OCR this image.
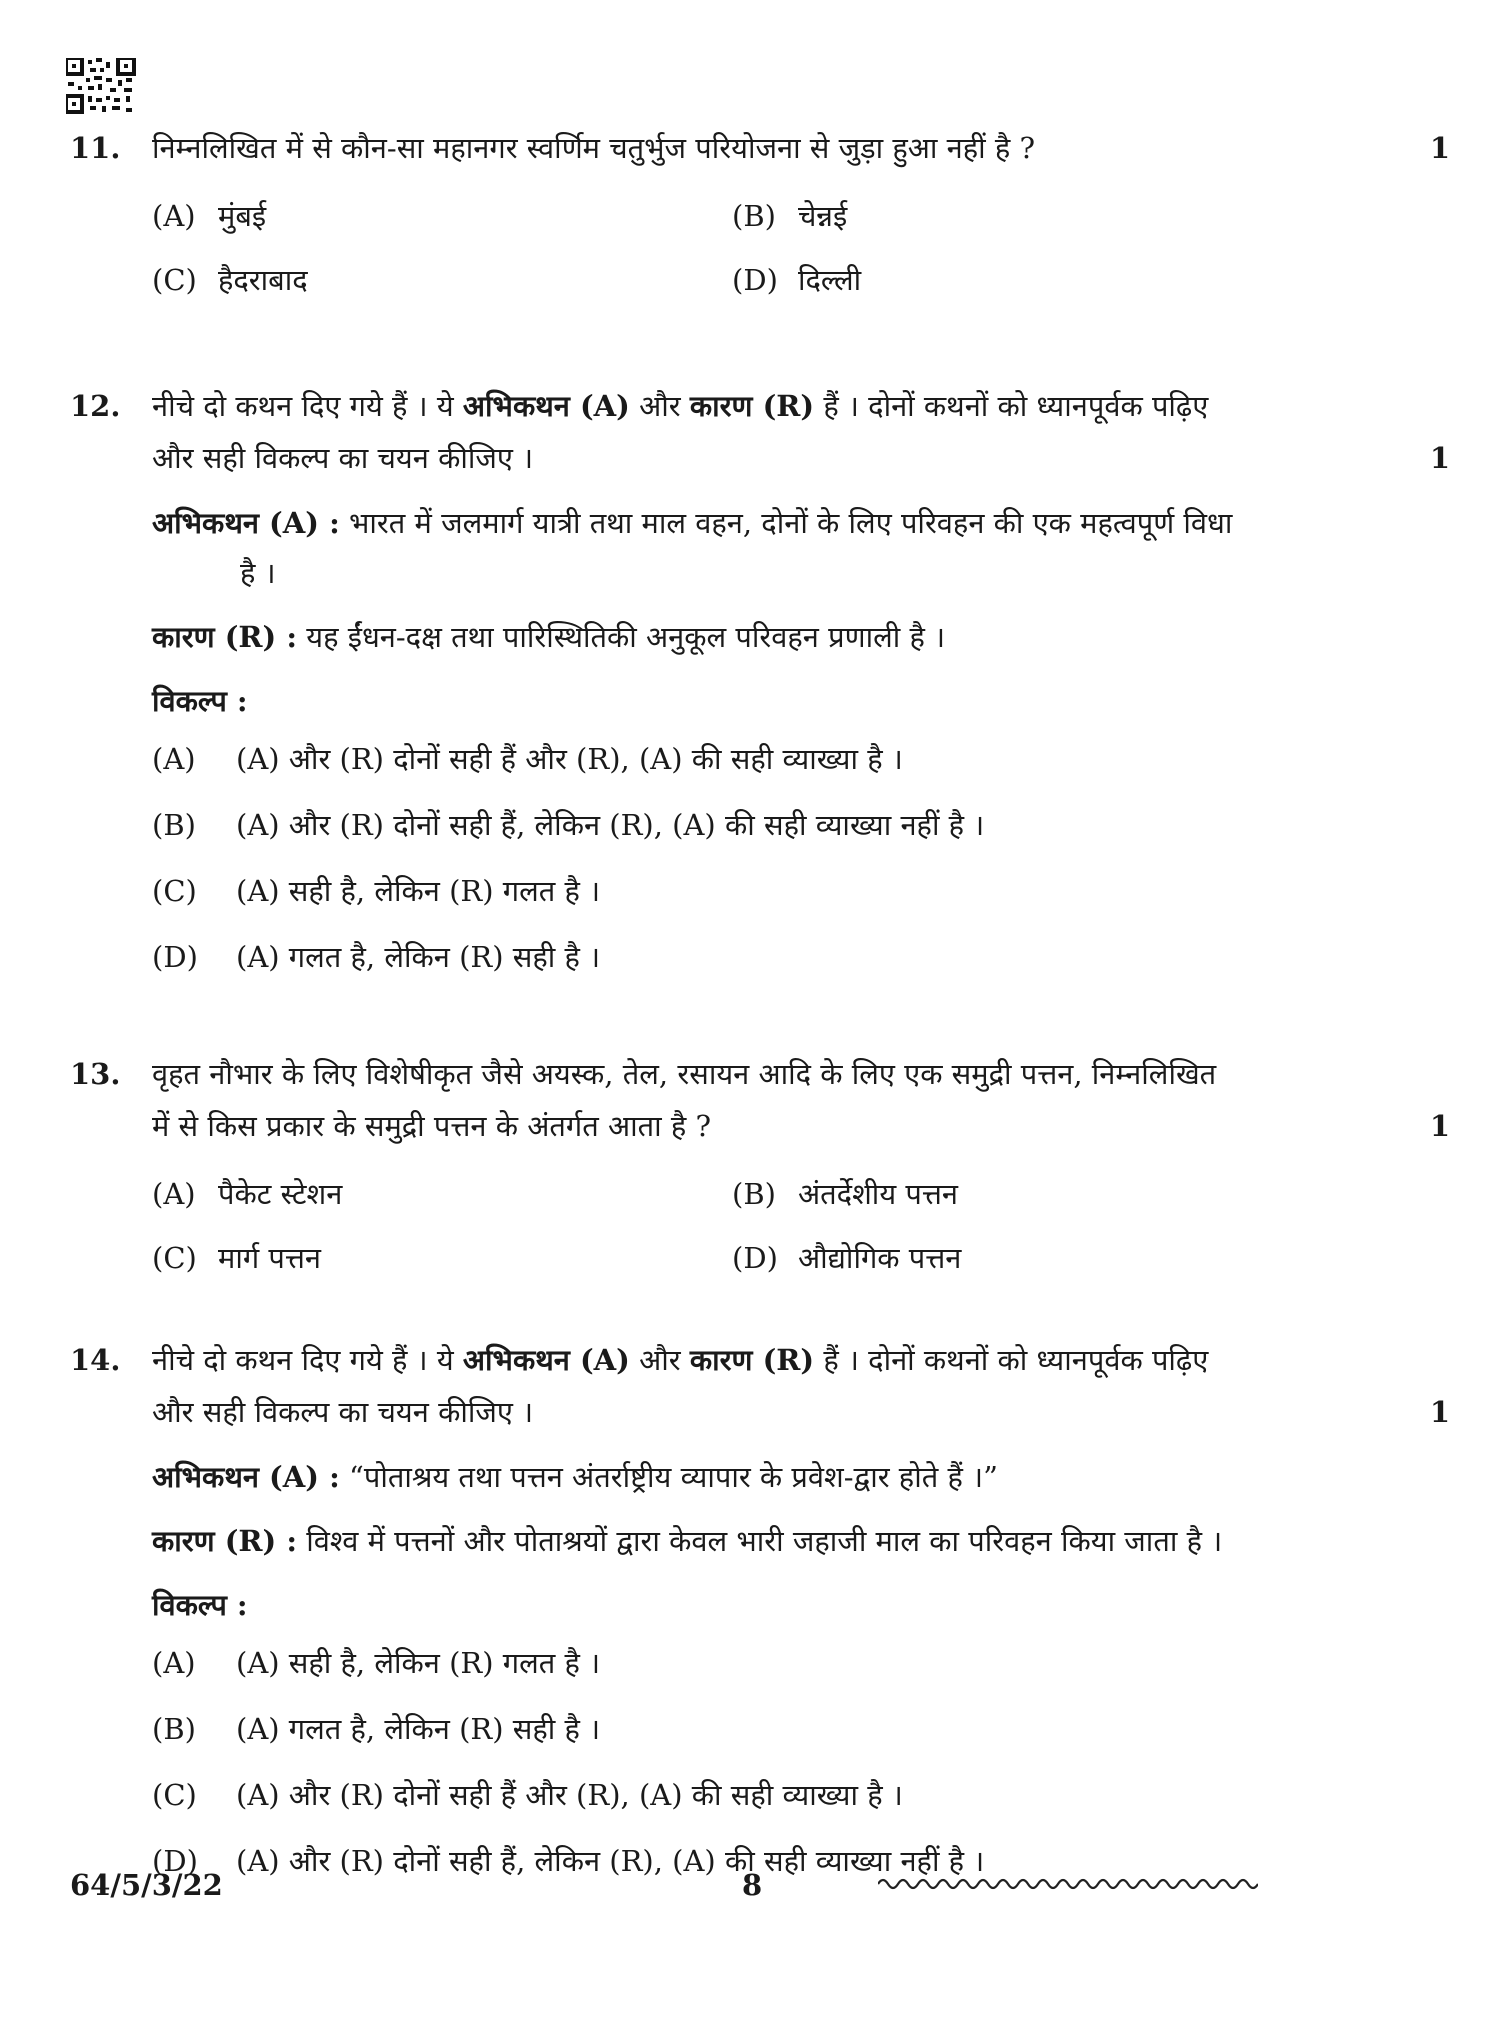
11. निम्नलिखित में से कौन-सा महानगर स्वर्णिम चतुर्भुज परियोजना से जुड़ा हुआ नहीं है ?	1
(A) मुंबई	(B) चेन्नई
(C) हैदराबाद	(D) दिल्ली
12. नीचे दो कथन दिए गये हैं । ये अभिकथन (A) और कारण (R) हैं । दोनों कथनों को ध्यानपूर्वक पढ़िए
और सही विकल्प का चयन कीजिए ।	1
अभिकथन (A) : भारत में जलमार्ग यात्री तथा माल वहन, दोनों के लिए परिवहन की एक महत्वपूर्ण विधा
है ।
कारण (R) : यह ईंधन-दक्ष तथा पारिस्थितिकी अनुकूल परिवहन प्रणाली है ।
विकल्प :
(A)	(A) और (R) दोनों सही हैं और (R), (A) की सही व्याख्या है ।
(B)	(A) और (R) दोनों सही हैं, लेकिन (R), (A) की सही व्याख्या नहीं है ।
(C)	(A) सही है, लेकिन (R) गलत है ।
(D)	(A) गलत है, लेकिन (R) सही है ।
13. वृहत नौभार के लिए विशेषीकृत जैसे अयस्क, तेल, रसायन आदि के लिए एक समुद्री पत्तन, निम्नलिखित
में से किस प्रकार के समुद्री पत्तन के अंतर्गत आता है ?	1
(A) पैकेट स्टेशन	(B) अंतर्देशीय पत्तन
(C) मार्ग पत्तन	(D) औद्योगिक पत्तन
14. नीचे दो कथन दिए गये हैं । ये अभिकथन (A) और कारण (R) हैं । दोनों कथनों को ध्यानपूर्वक पढ़िए
और सही विकल्प का चयन कीजिए ।	1
अभिकथन (A) : “पोताश्रय तथा पत्तन अंतर्राष्ट्रीय व्यापार के प्रवेश-द्वार होते हैं ।”
कारण (R) : विश्व में पत्तनों और पोताश्रयों द्वारा केवल भारी जहाजी माल का परिवहन किया जाता है ।
विकल्प :
(A)	(A) सही है, लेकिन (R) गलत है ।
(B)	(A) गलत है, लेकिन (R) सही है ।
(C)	(A) और (R) दोनों सही हैं और (R), (A) की सही व्याख्या है ।
(D)	(A) और (R) दोनों सही हैं, लेकिन (R), (A) की सही व्याख्या नहीं है ।
64/5/3/22	8
